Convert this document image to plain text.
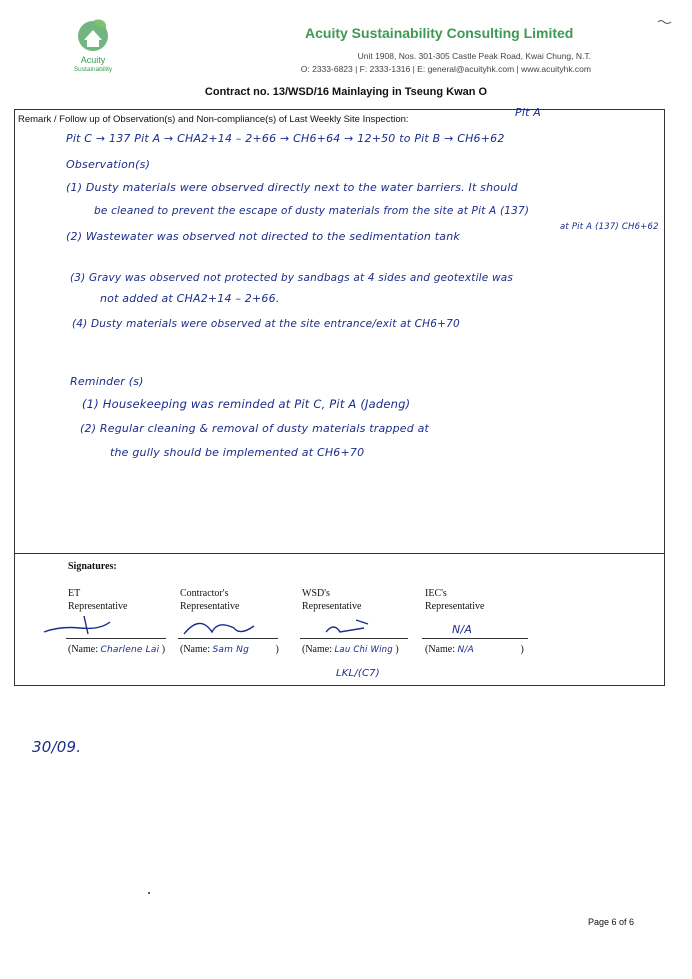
Acuity
Sustainability
Acuity Sustainability Consulting Limited
Unit 1908, Nos. 301-305 Castle Peak Road, Kwai Chung, N.T.
O: 2333-6823 | F: 2333-1316 | E: general@acuityhk.com | www.acuityhk.com
Contract no. 13/WSD/16 Mainlaying in Tseung Kwan O
Remark / Follow up of Observation(s) and Non-compliance(s) of Last Weekly Site Inspection:
Pit A
Pit C → 137 Pit A → CHA2+14 – 2+66 → CH6+64 → 12+50 to Pit B → CH6+62
Observation(s)
(1) Dusty materials were observed directly next to the water barriers. It should
be cleaned to prevent the escape of dusty materials from the site at Pit A (137)
(2) Wastewater was observed not directed to the sedimentation tank
at Pit A (137) CH6+62
(3) Gravy was observed not protected by sandbags at 4 sides and geotextile was
not added at CHA2+14 – 2+66.
(4) Dusty materials were observed at the site entrance/exit at CH6+70
Reminder (s)
(1) Housekeeping was reminded at Pit C, Pit A (Jadeng)
(2) Regular cleaning & removal of dusty materials trapped at
the gully should be implemented at CH6+70
Signatures:
ET
Representative
(Name: Charlene Lai )
Contractor's
Representative
(Name: Sam Ng	)
WSD's
Representative
(Name: Lau Chi Wing )
LKL/(C7)
IEC's
Representative
N/A
(Name: N/A	)
30/09.
Page 6 of 6
